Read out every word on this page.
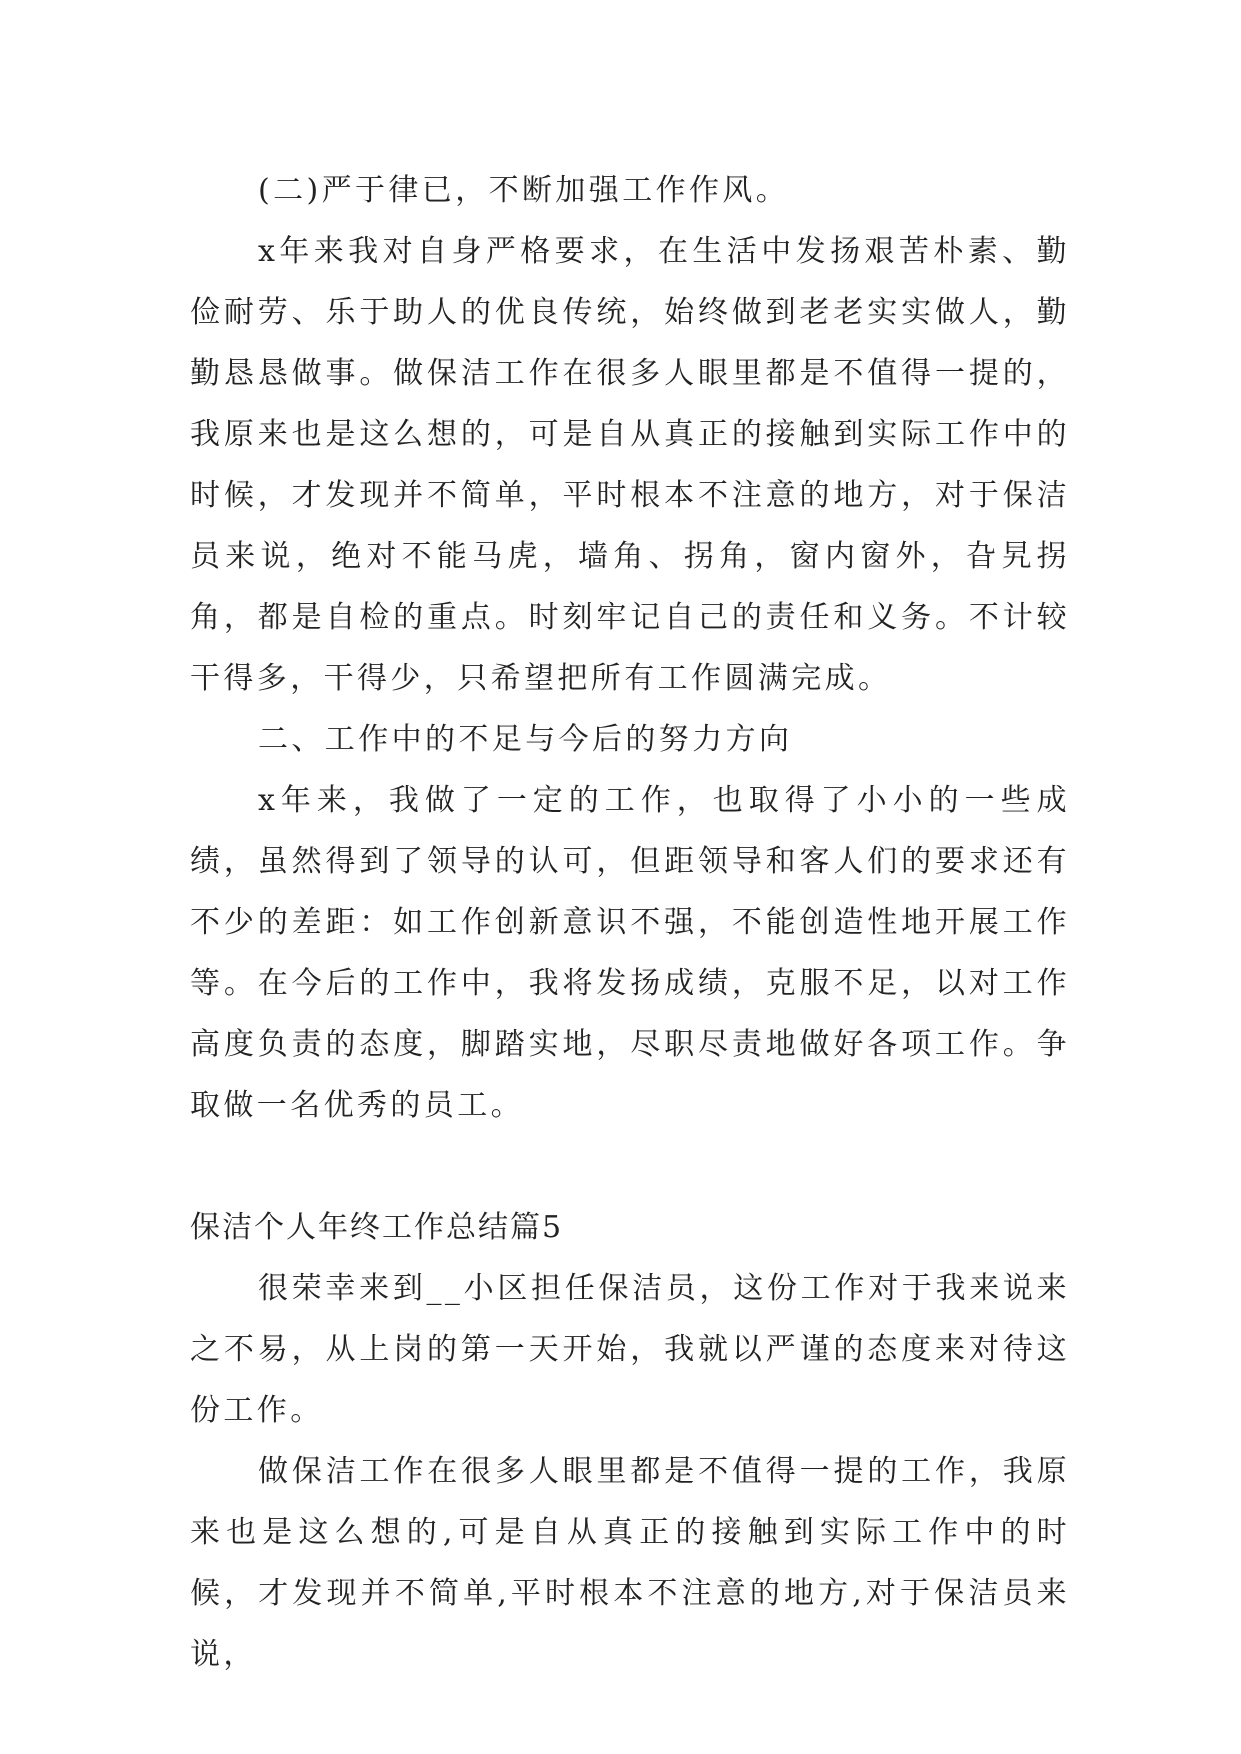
(二)严于律已，不断加强工作作风。

x年来我对自身严格要求，在生活中发扬艰苦朴素、勤俭耐劳、乐于助人的优良传统，始终做到老老实实做人，勤勤恳恳做事。做保洁工作在很多人眼里都是不值得一提的，我原来也是这么想的，可是自从真正的接触到实际工作中的时候，才发现并不简单，平时根本不注意的地方，对于保洁员来说，绝对不能马虎，墙角、拐角，窗内窗外，旮旯拐角，都是自检的重点。时刻牢记自己的责任和义务。不计较干得多，干得少，只希望把所有工作圆满完成。

二、工作中的不足与今后的努力方向

x年来，我做了一定的工作，也取得了小小的一些成绩，虽然得到了领导的认可，但距领导和客人们的要求还有不少的差距：如工作创新意识不强，不能创造性地开展工作等。在今后的工作中，我将发扬成绩，克服不足，以对工作高度负责的态度，脚踏实地，尽职尽责地做好各项工作。争取做一名优秀的员工。

保洁个人年终工作总结篇5

很荣幸来到__小区担任保洁员，这份工作对于我来说来之不易，从上岗的第一天开始，我就以严谨的态度来对待这份工作。

做保洁工作在很多人眼里都是不值得一提的工作，我原来也是这么想的,可是自从真正的接触到实际工作中的时候，才发现并不简单,平时根本不注意的地方,对于保洁员来说，
